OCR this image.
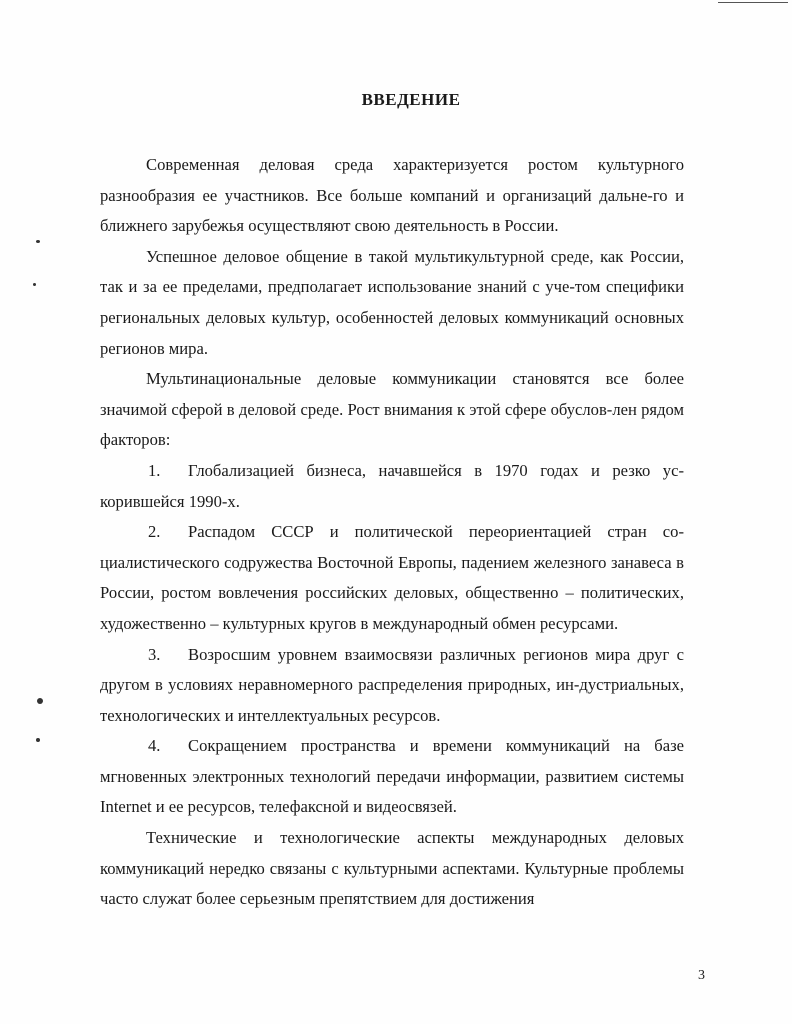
ВВЕДЕНИЕ

Современная деловая среда характеризуется ростом культурного разнообразия ее участников. Все больше компаний и организаций дальне-го и ближнего зарубежья осуществляют свою деятельность в России.

Успешное деловое общение в такой мультикультурной среде, как России, так и за ее пределами, предполагает использование знаний с уче-том специфики региональных деловых культур, особенностей деловых коммуникаций основных регионов мира.

Мультинациональные деловые коммуникации становятся все более значимой сферой в деловой среде. Рост внимания к этой сфере обуслов-лен рядом факторов:

1. Глобализацией бизнеса, начавшейся в 1970 годах и резко ус-корившейся 1990-х.

2. Распадом СССР и политической переориентацией стран со-циалистического содружества Восточной Европы, падением железного занавеса в России, ростом вовлечения российских деловых, общественно – политических, художественно – культурных кругов в международный обмен ресурсами.

3. Возросшим уровнем взаимосвязи различных регионов мира друг с другом в условиях неравномерного распределения природных, ин-дустриальных, технологических и интеллектуальных ресурсов.

4. Сокращением пространства и времени коммуникаций на базе мгновенных электронных технологий передачи информации, развитием системы Internet и ее ресурсов, телефаксной и видеосвязей.

Технические и технологические аспекты международных деловых коммуникаций нередко связаны с культурными аспектами. Культурные проблемы часто служат более серьезным препятствием для достижения

3
